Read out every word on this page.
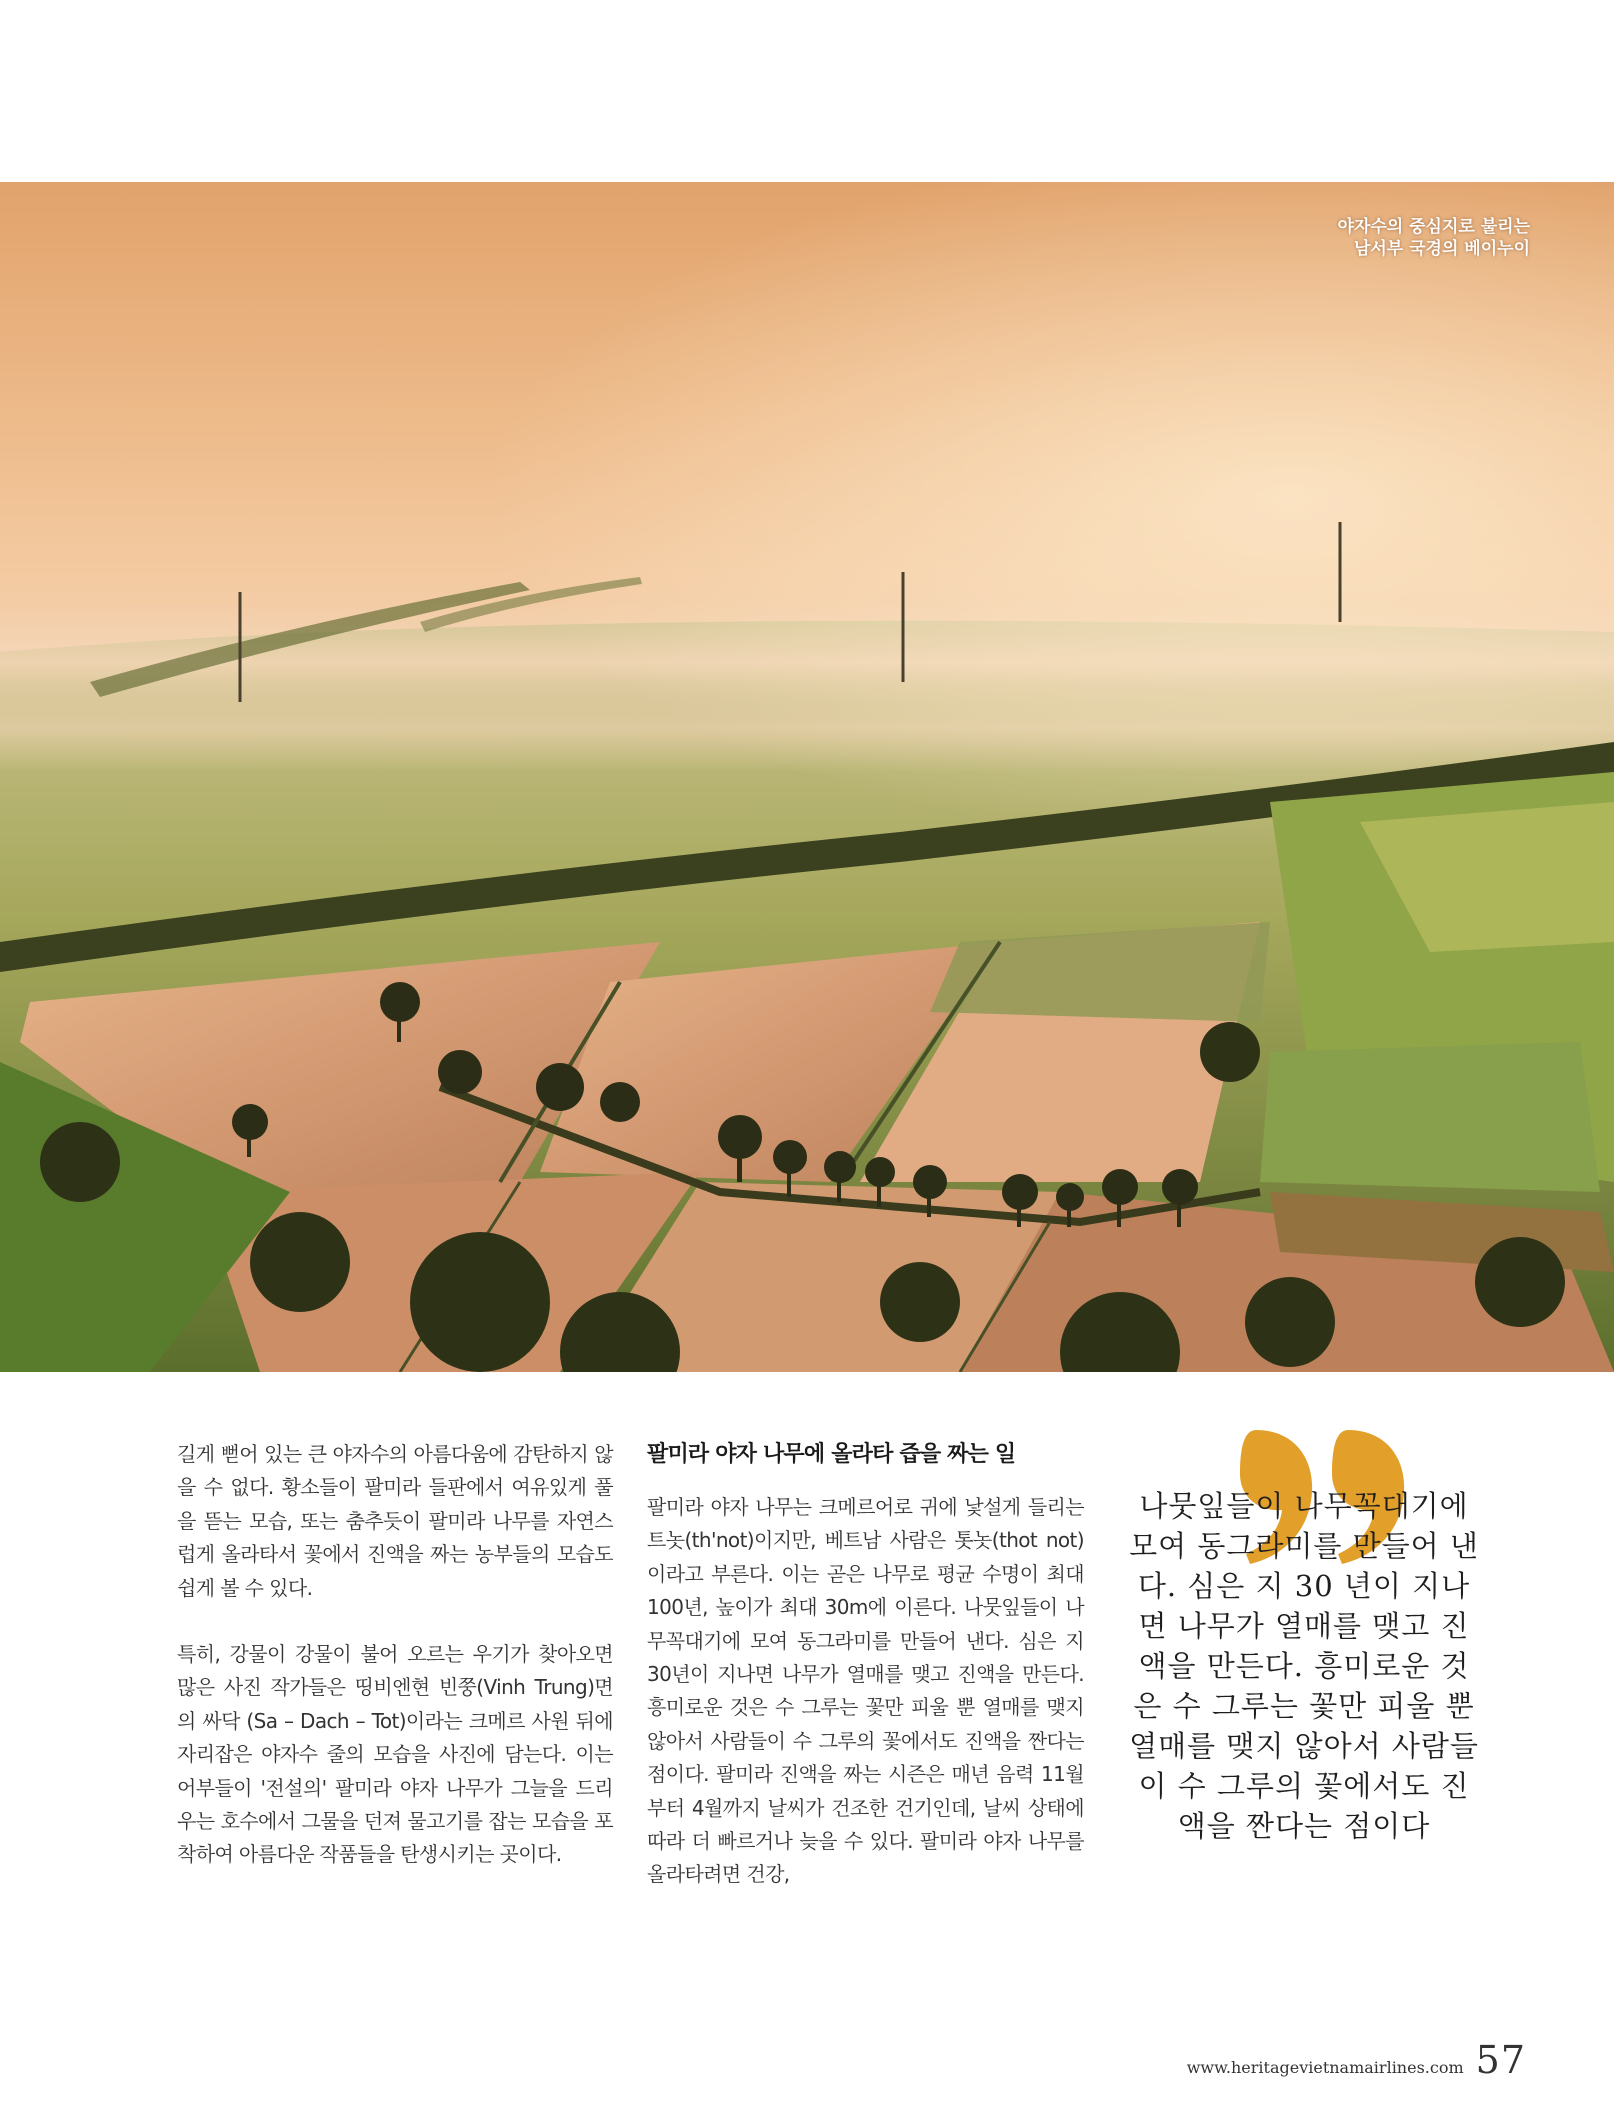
야자수의 중심지로 불리는
남서부 국경의 베이누이

길게 뻗어 있는 큰 야자수의 아름다움에 감탄하지 않을 수 없다. 황소들이 팔미라 들판에서 여유있게 풀을 뜯는 모습, 또는 춤추듯이 팔미라 나무를 자연스럽게 올라타서 꽃에서 진액을 짜는 농부들의 모습도 쉽게 볼 수 있다.

특히, 강물이 강물이 불어 오르는 우기가 찾아오면 많은 사진 작가들은 띵비엔현 빈쭝(Vinh Trung)면의 싸닥 (Sa – Dach – Tot)이라는 크메르 사원 뒤에 자리잡은 야자수 줄의 모습을 사진에 담는다. 이는 어부들이 '전설의' 팔미라 야자 나무가 그늘을 드리우는 호수에서 그물을 던져 물고기를 잡는 모습을 포착하여 아름다운 작품들을 탄생시키는 곳이다.

팔미라 야자 나무에 올라타 즙을 짜는 일

팔미라 야자 나무는 크메르어로 귀에 낯설게 들리는 트놋(th'not)이지만, 베트남 사람은 톳놋(thot not)이라고 부른다. 이는 곧은 나무로 평균 수명이 최대 100년, 높이가 최대 30m에 이른다. 나뭇잎들이 나무꼭대기에 모여 동그라미를 만들어 낸다. 심은 지 30년이 지나면 나무가 열매를 맺고 진액을 만든다. 흥미로운 것은 수 그루는 꽃만 피울 뿐 열매를 맺지 않아서 사람들이 수 그루의 꽃에서도 진액을 짠다는 점이다. 팔미라 진액을 짜는 시즌은 매년 음력 11월부터 4월까지 날씨가 건조한 건기인데, 날씨 상태에 따라 더 빠르거나 늦을 수 있다. 팔미라 야자 나무를 올라타려면 건강,

나뭇잎들이 나무꼭대기에 모여 동그라미를 만들어 낸다. 심은 지 30 년이 지나면 나무가 열매를 맺고 진액을 만든다. 흥미로운 것은 수 그루는 꽃만 피울 뿐 열매를 맺지 않아서 사람들이 수 그루의 꽃에서도 진액을 짠다는 점이다
www.heritagevietnamairlines.com 57
